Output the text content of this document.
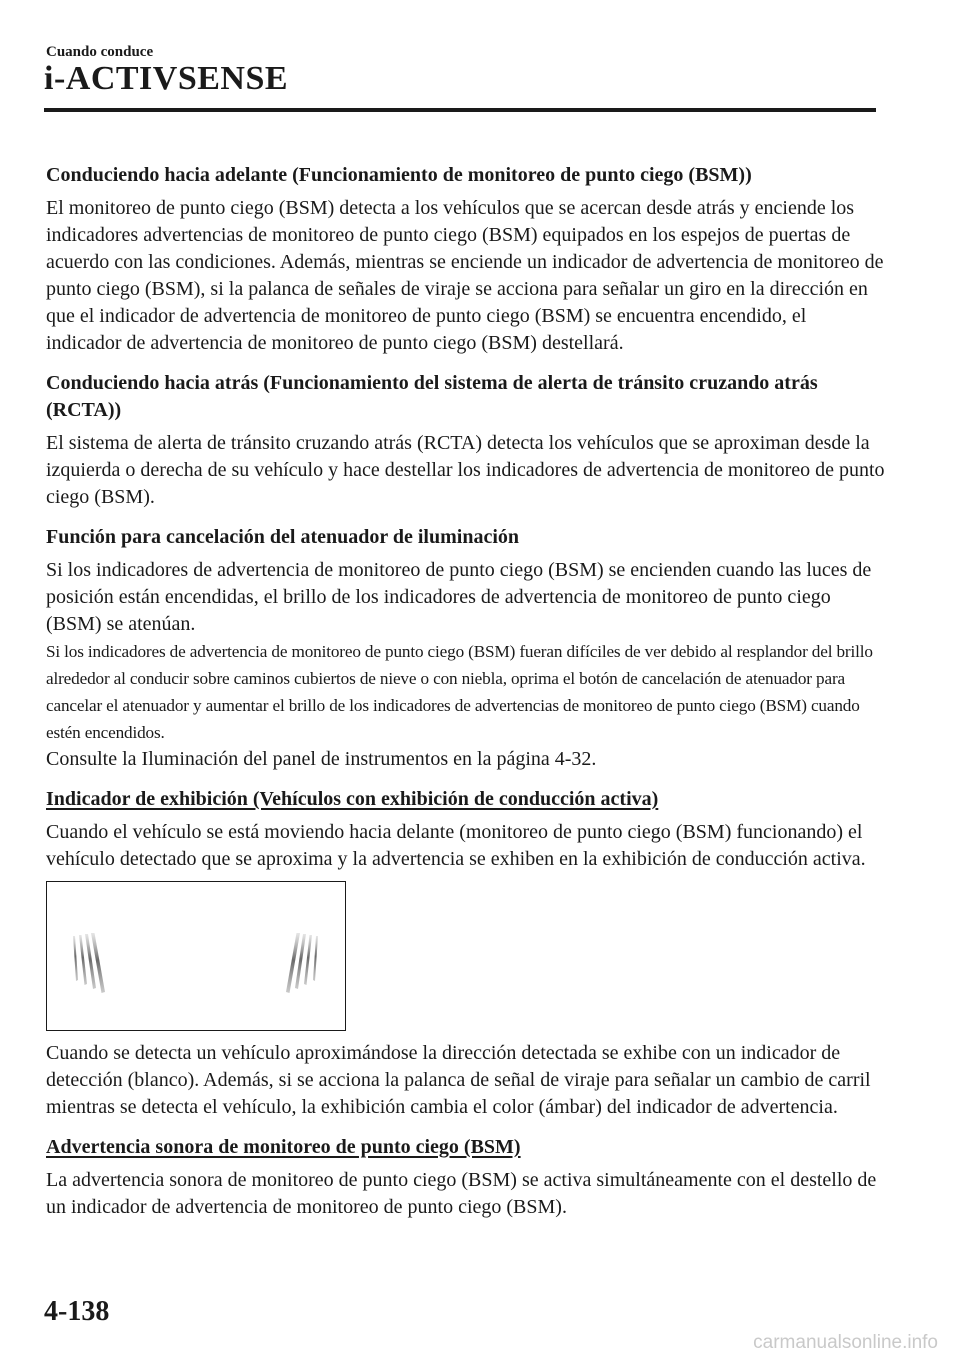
Cuando conduce
i-ACTIVSENSE
Conduciendo hacia adelante (Funcionamiento de monitoreo de punto ciego (BSM))
El monitoreo de punto ciego (BSM) detecta a los vehículos que se acercan desde atrás y enciende los indicadores advertencias de monitoreo de punto ciego (BSM) equipados en los espejos de puertas de acuerdo con las condiciones. Además, mientras se enciende un indicador de advertencia de monitoreo de punto ciego (BSM), si la palanca de señales de viraje se acciona para señalar un giro en la dirección en que el indicador de advertencia de monitoreo de punto ciego (BSM) se encuentra encendido, el indicador de advertencia de monitoreo de punto ciego (BSM) destellará.
Conduciendo hacia atrás (Funcionamiento del sistema de alerta de tránsito cruzando atrás (RCTA))
El sistema de alerta de tránsito cruzando atrás (RCTA) detecta los vehículos que se aproximan desde la izquierda o derecha de su vehículo y hace destellar los indicadores de advertencia de monitoreo de punto ciego (BSM).
Función para cancelación del atenuador de iluminación
Si los indicadores de advertencia de monitoreo de punto ciego (BSM) se encienden cuando las luces de posición están encendidas, el brillo de los indicadores de advertencia de monitoreo de punto ciego (BSM) se atenúan.
Si los indicadores de advertencia de monitoreo de punto ciego (BSM) fueran difíciles de ver debido al resplandor del brillo alrededor al conducir sobre caminos cubiertos de nieve o con niebla, oprima el botón de cancelación de atenuador para cancelar el atenuador y aumentar el brillo de los indicadores de advertencias de monitoreo de punto ciego (BSM) cuando estén encendidos.
Consulte la Iluminación del panel de instrumentos en la página 4-32.
Indicador de exhibición (Vehículos con exhibición de conducción activa)
Cuando el vehículo se está moviendo hacia delante (monitoreo de punto ciego (BSM) funcionando) el vehículo detectado que se aproxima y la advertencia se exhiben en la exhibición de conducción activa.
Cuando se detecta un vehículo aproximándose la dirección detectada se exhibe con un indicador de detección (blanco). Además, si se acciona la palanca de señal de viraje para señalar un cambio de carril mientras se detecta el vehículo, la exhibición cambia el color (ámbar) del indicador de advertencia.
Advertencia sonora de monitoreo de punto ciego (BSM)
La advertencia sonora de monitoreo de punto ciego (BSM) se activa simultáneamente con el destello de un indicador de advertencia de monitoreo de punto ciego (BSM).
4-138
carmanualsonline.info
